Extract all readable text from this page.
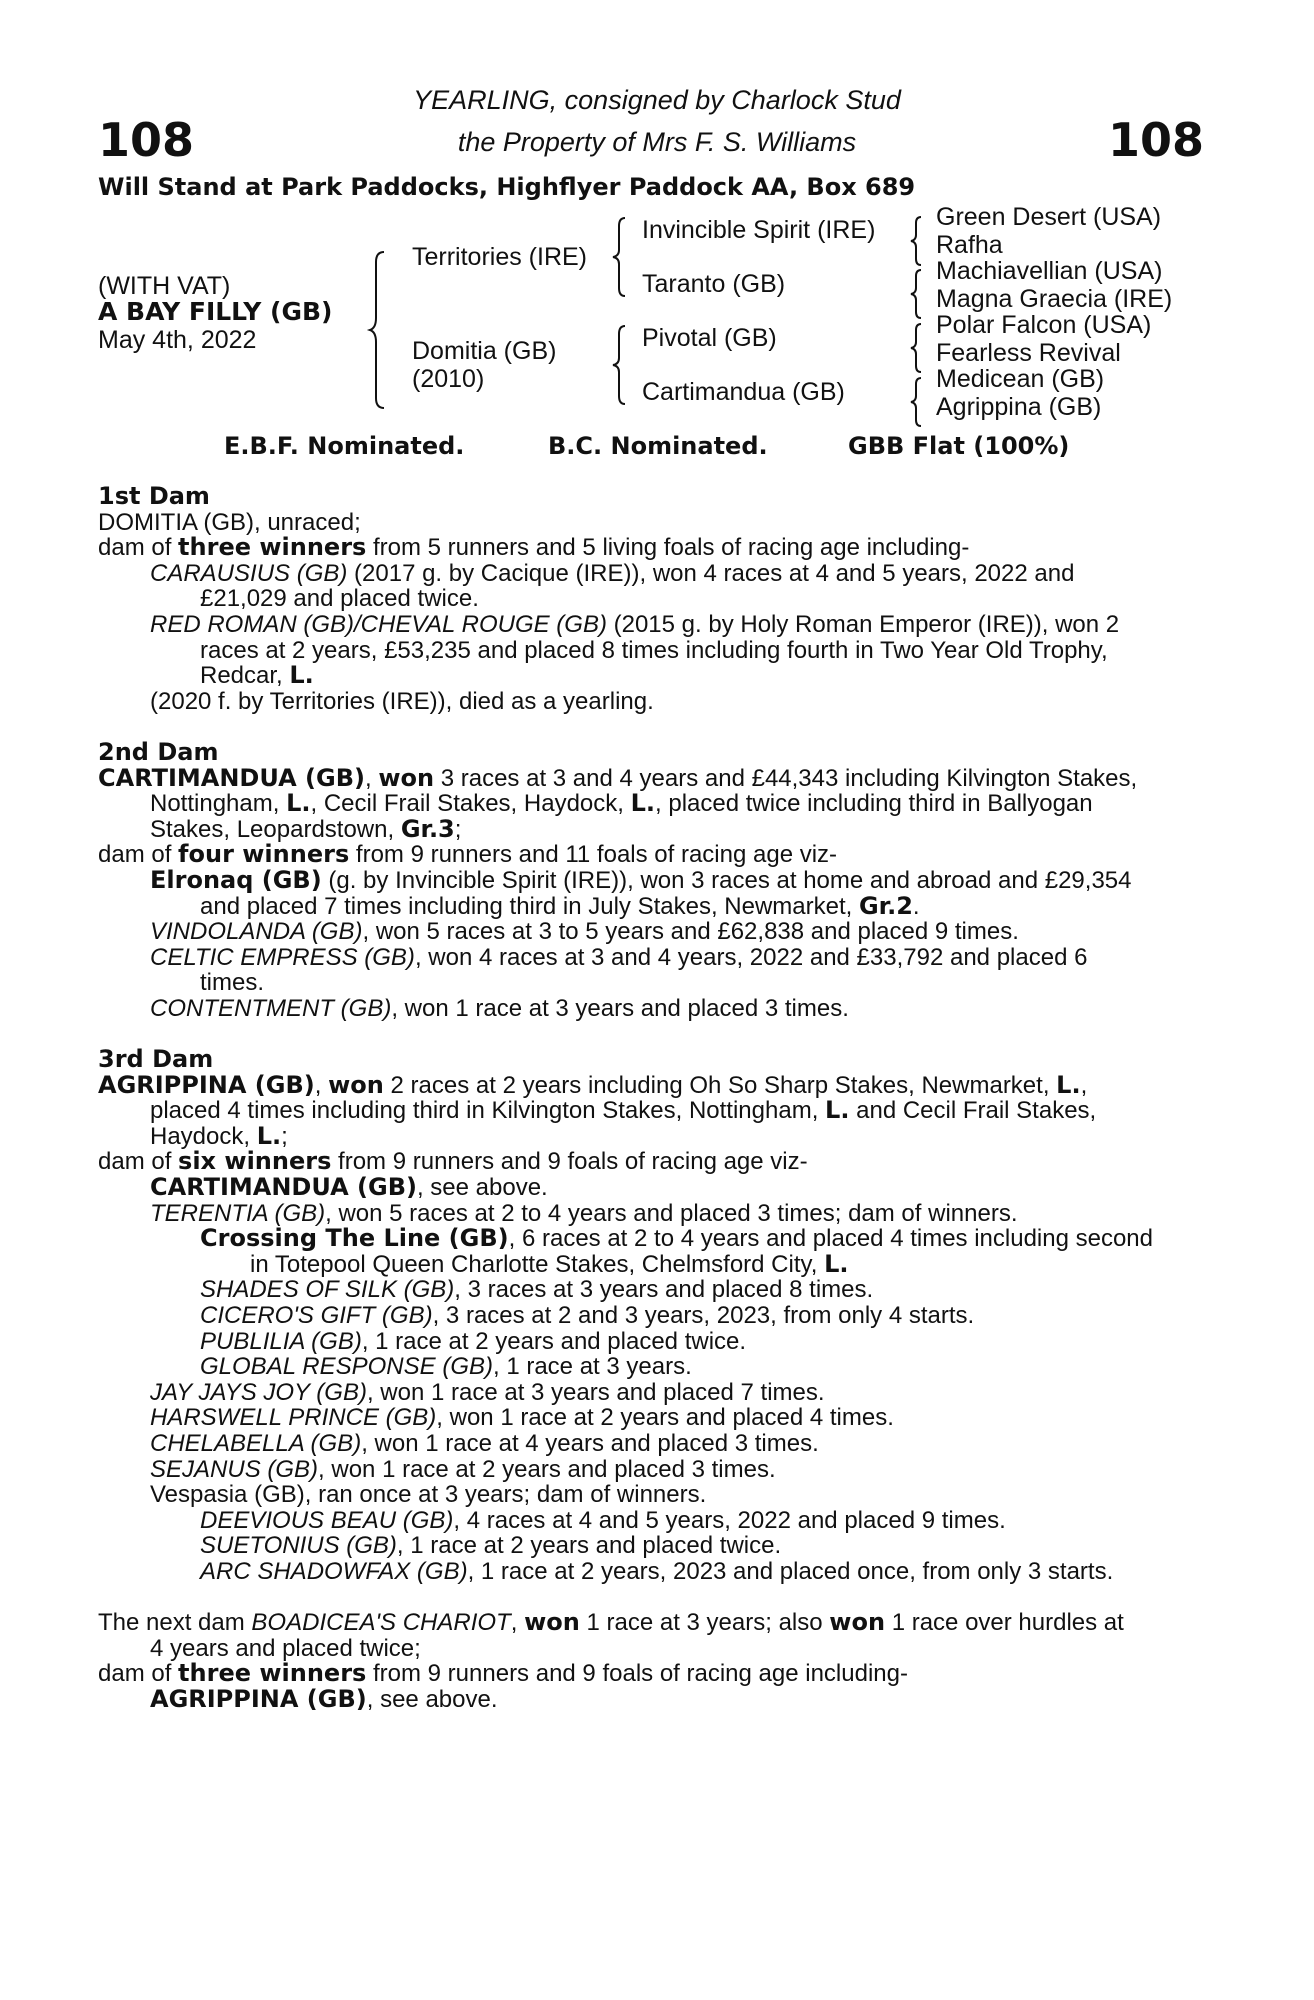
108	108
YEARLING, consigned by Charlock Stud
the Property of Mrs F. S. Williams
Will Stand at Park Paddocks, Highflyer Paddock AA, Box 689
(WITH VAT)
A BAY FILLY (GB)
May 4th, 2022
Territories (IRE)
Domitia (GB)
(2010)
Invincible Spirit (IRE)
Taranto (GB)
Pivotal (GB)
Cartimandua (GB)
Green Desert (USA)
Rafha
Machiavellian (USA)
Magna Graecia (IRE)
Polar Falcon (USA)
Fearless Revival
Medicean (GB)
Agrippina (GB)
E.B.F. Nominated.	B.C. Nominated.	GBB Flat (100%)
1st Dam
DOMITIA (GB), unraced;
dam of three winners from 5 runners and 5 living foals of racing age including-
CARAUSIUS (GB) (2017 g. by Cacique (IRE)), won 4 races at 4 and 5 years, 2022 and
£21,029 and placed twice.
RED ROMAN (GB)/CHEVAL ROUGE (GB) (2015 g. by Holy Roman Emperor (IRE)), won 2
races at 2 years, £53,235 and placed 8 times including fourth in Two Year Old Trophy,
Redcar, L.
(2020 f. by Territories (IRE)), died as a yearling.
2nd Dam
CARTIMANDUA (GB), won 3 races at 3 and 4 years and £44,343 including Kilvington Stakes,
Nottingham, L., Cecil Frail Stakes, Haydock, L., placed twice including third in Ballyogan
Stakes, Leopardstown, Gr.3;
dam of four winners from 9 runners and 11 foals of racing age viz-
Elronaq (GB) (g. by Invincible Spirit (IRE)), won 3 races at home and abroad and £29,354
and placed 7 times including third in July Stakes, Newmarket, Gr.2.
VINDOLANDA (GB), won 5 races at 3 to 5 years and £62,838 and placed 9 times.
CELTIC EMPRESS (GB), won 4 races at 3 and 4 years, 2022 and £33,792 and placed 6
times.
CONTENTMENT (GB), won 1 race at 3 years and placed 3 times.
3rd Dam
AGRIPPINA (GB), won 2 races at 2 years including Oh So Sharp Stakes, Newmarket, L.,
placed 4 times including third in Kilvington Stakes, Nottingham, L. and Cecil Frail Stakes,
Haydock, L.;
dam of six winners from 9 runners and 9 foals of racing age viz-
CARTIMANDUA (GB), see above.
TERENTIA (GB), won 5 races at 2 to 4 years and placed 3 times; dam of winners.
Crossing The Line (GB), 6 races at 2 to 4 years and placed 4 times including second
in Totepool Queen Charlotte Stakes, Chelmsford City, L.
SHADES OF SILK (GB), 3 races at 3 years and placed 8 times.
CICERO'S GIFT (GB), 3 races at 2 and 3 years, 2023, from only 4 starts.
PUBLILIA (GB), 1 race at 2 years and placed twice.
GLOBAL RESPONSE (GB), 1 race at 3 years.
JAY JAYS JOY (GB), won 1 race at 3 years and placed 7 times.
HARSWELL PRINCE (GB), won 1 race at 2 years and placed 4 times.
CHELABELLA (GB), won 1 race at 4 years and placed 3 times.
SEJANUS (GB), won 1 race at 2 years and placed 3 times.
Vespasia (GB), ran once at 3 years; dam of winners.
DEEVIOUS BEAU (GB), 4 races at 4 and 5 years, 2022 and placed 9 times.
SUETONIUS (GB), 1 race at 2 years and placed twice.
ARC SHADOWFAX (GB), 1 race at 2 years, 2023 and placed once, from only 3 starts.
The next dam BOADICEA'S CHARIOT, won 1 race at 3 years; also won 1 race over hurdles at
4 years and placed twice;
dam of three winners from 9 runners and 9 foals of racing age including-
AGRIPPINA (GB), see above.
